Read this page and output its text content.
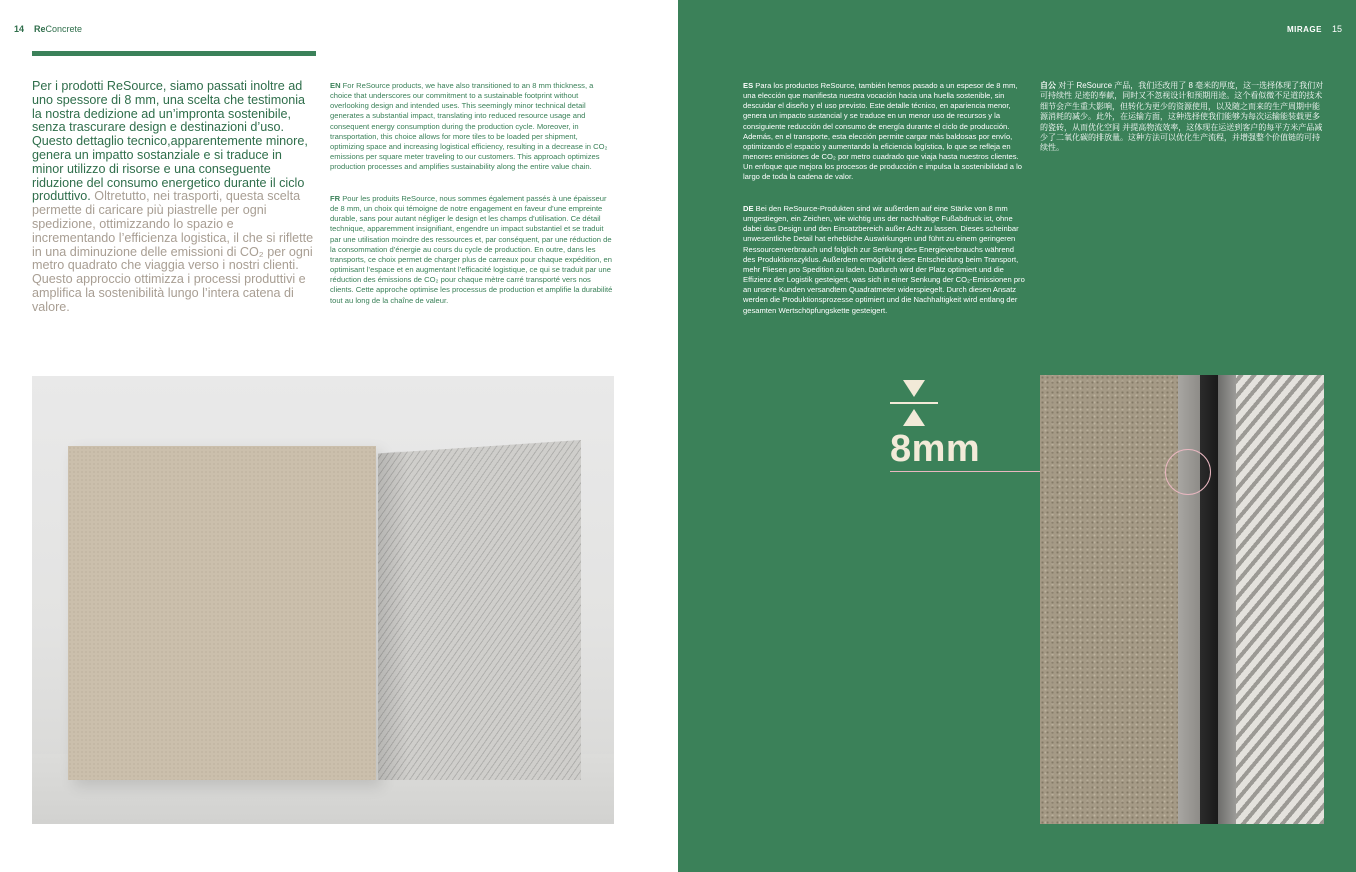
14 ReConcrete
Per i prodotti ReSource, siamo passati inoltre ad uno spessore di 8 mm, una scelta che testimonia la nostra dedizione ad un’impronta sostenibile, senza trascurare design e destinazioni d’uso. Questo dettaglio tecnico,apparentemente minore, genera un impatto sostanziale e si traduce in minor utilizzo di risorse e una conseguente riduzione del consumo energetico durante il ciclo produttivo. Oltretutto, nei trasporti, questa scelta permette di caricare più piastrelle per ogni spedizione, ottimizzando lo spazio e incrementando l’efficienza logistica, il che si riflette in una diminuzione delle emissioni di CO₂ per ogni metro quadrato che viaggia verso i nostri clienti. Questo approccio ottimizza i processi produttivi e amplifica la sostenibilità lungo l’intera catena di valore.
EN For ReSource products, we have also transitioned to an 8 mm thickness, a choice that underscores our commitment to a sustainable footprint without overlooking design and intended uses. This seemingly minor technical detail generates a substantial impact, translating into reduced resource usage and consequent energy consumption during the production cycle. Moreover, in transportation, this choice allows for more tiles to be loaded per shipment, optimizing space and increasing logistical efficiency, resulting in a decrease in CO₂ emissions per square meter traveling to our customers. This approach optimizes production processes and amplifies sustainability along the entire value chain.
FR Pour les produits ReSource, nous sommes également passés à une épaisseur de 8 mm, un choix qui témoigne de notre engagement en faveur d’une empreinte durable, sans pour autant négliger le design et les champs d’utilisation. Ce détail technique, apparemment insignifiant, engendre un impact substantiel et se traduit par une utilisation moindre des ressources et, par conséquent, par une réduction de la consommation d’énergie au cours du cycle de production. En outre, dans les transports, ce choix permet de charger plus de carreaux pour chaque expédition, en optimisant l’espace et en augmentant l’efficacité logistique, ce qui se traduit par une réduction des émissions de CO₂ pour chaque mètre carré transporté vers nos clients. Cette approche optimise les processus de production et amplifie la durabilité tout au long de la chaîne de valeur.
MIRAGE 15
ES Para los productos ReSource, también hemos pasado a un espesor de 8 mm, una elección que manifiesta nuestra vocación hacia una huella sostenible, sin descuidar el diseño y el uso previsto. Este detalle técnico, en apariencia menor, genera un impacto sustancial y se traduce en un menor uso de recursos y la consiguiente reducción del consumo de energía durante el ciclo de producción. Además, en el transporte, esta elección permite cargar más baldosas por envío, optimizando el espacio y aumentando la eficiencia logística, lo que se refleja en menores emisiones de CO₂ por metro cuadrado que viaja hasta nuestros clientes. Un enfoque que mejora los procesos de producción e impulsa la sostenibilidad a lo largo de toda la cadena de valor.
DE Bei den ReSource-Produkten sind wir außerdem auf eine Stärke von 8 mm umgestiegen, ein Zeichen, wie wichtig uns der nachhaltige Fußabdruck ist, ohne dabei das Design und den Einsatzbereich außer Acht zu lassen. Dieses scheinbar unwesentliche Detail hat erhebliche Auswirkungen und führt zu einem geringeren Ressourcenverbrauch und folglich zur Senkung des Energieverbrauchs während des Produktionszyklus. Außerdem ermöglicht diese Entscheidung beim Transport, mehr Fliesen pro Spedition zu laden. Dadurch wird der Platz optimiert und die Effizienz der Logistik gesteigert, was sich in einer Senkung der CO₂-Emissionen pro an unsere Kunden versandtem Quadratmeter widerspiegelt. Durch diesen Ansatz werden die Produktionsprozesse optimiert und die Nachhaltigkeit wird entlang der gesamten Wertschöpfungskette gesteigert.
自公 对于 ReSource 产品，我们还改用了 8 毫米的厚度，这一选择体现了我们对可持续性 足迹的奉献，同时又不忽视设计和预期用途。这个看似微不足道的技术细节会产生重大影响，但转化为更少的资源使用，以及随之而来的生产周期中能源消耗的减少。此外，在运输方面，这种选择使我们能够为每次运输能装载更多的瓷砖，从而优化空间 并提高物流效率，这体现在运送到客户的每平方米产品减少了二氧化碳的排放量。这种方法可以优化生产流程，并增强整个价值链的可持续性。
8mm
